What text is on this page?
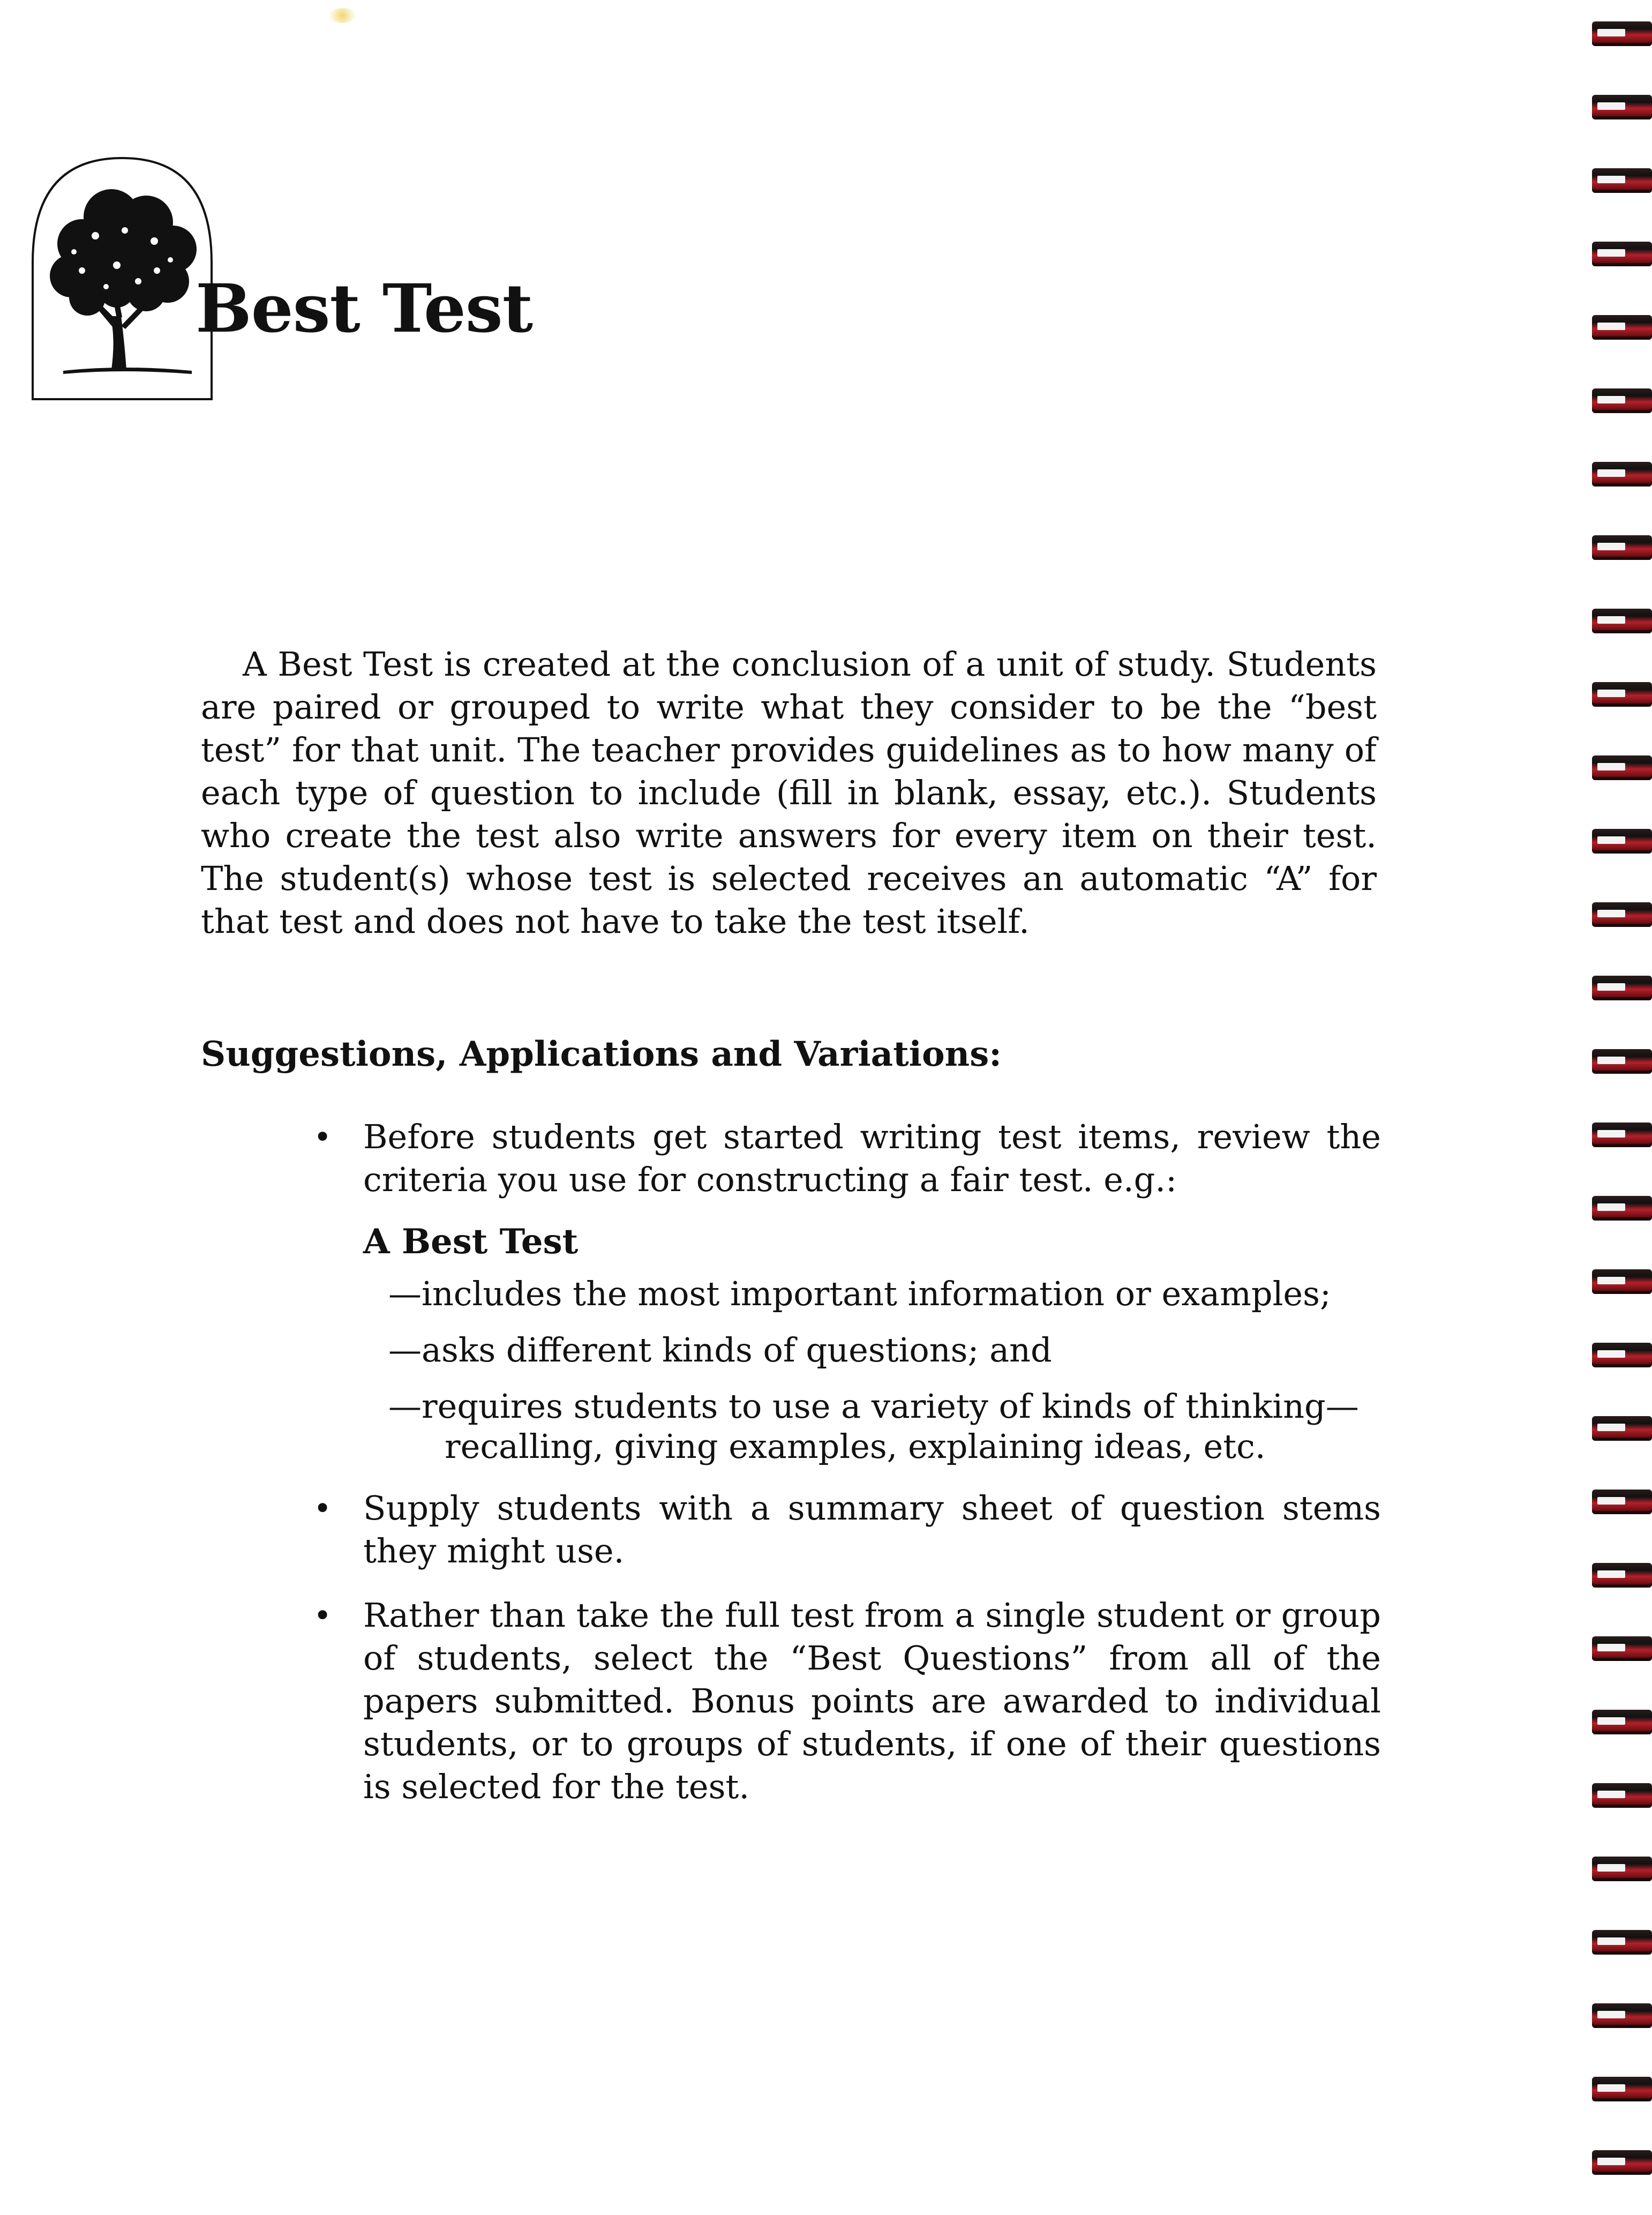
Best Test

A Best Test is created at the conclusion of a unit of study. Students are paired or grouped to write what they consider to be the “best test” for that unit. The teacher provides guidelines as to how many of each type of question to include (fill in blank, essay, etc.). Students who create the test also write answers for every item on their test. The student(s) whose test is selected receives an automatic “A” for that test and does not have to take the test itself.

Suggestions, Applications and Variations:

• Before students get started writing test items, review the criteria you use for constructing a fair test. e.g.:

A Best Test

—includes the most important information or examples;

—asks different kinds of questions; and

—requires students to use a variety of kinds of thinking—

recalling, giving examples, explaining ideas, etc.

• Supply students with a summary sheet of question stems they might use.

• Rather than take the full test from a single student or group of students, select the “Best Questions” from all of the papers submitted. Bonus points are awarded to individual students, or to groups of students, if one of their questions is selected for the test.
